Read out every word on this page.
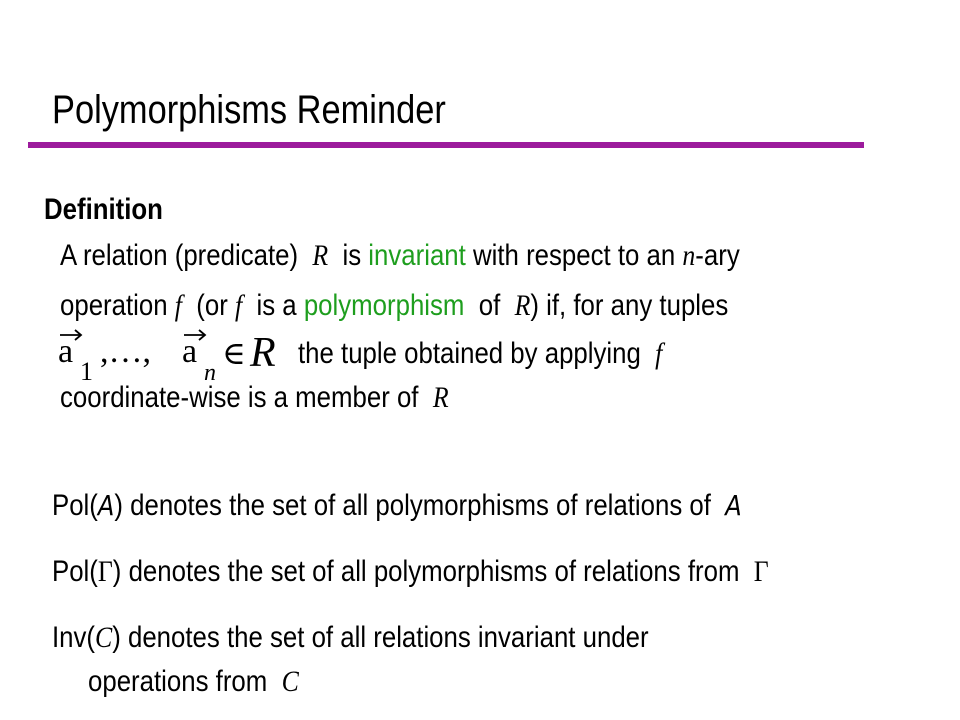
Polymorphisms Reminder
Definition
A relation (predicate) R is invariant with respect to an n-ary
operation f (or f is a polymorphism of R) if, for any tuples
a
1
,…, a
n
∈ R the tuple obtained by applying f
coordinate-wise is a member of R
Pol(A) denotes the set of all polymorphisms of relations of A
Pol(Γ) denotes the set of all polymorphisms of relations from Γ
Inv(C) denotes the set of all relations invariant under
operations from C
